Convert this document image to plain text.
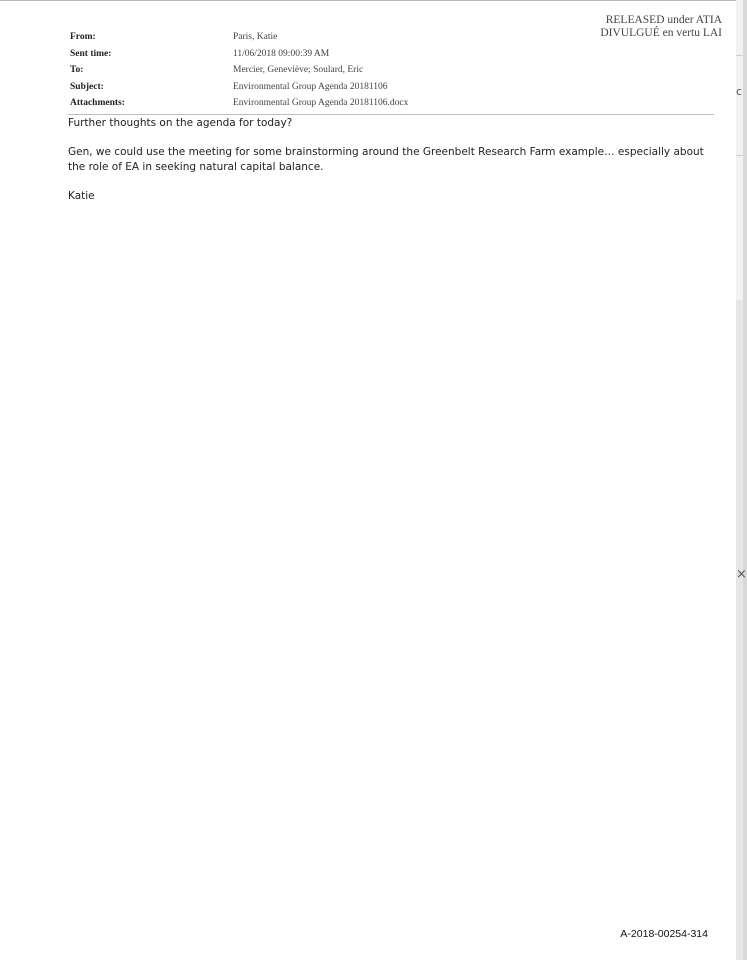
c
×
RELEASED under ATIA
DIVULGUÉ en vertu LAI
From:	Paris, Katie
Sent time:	11/06/2018 09:00:39 AM
To:	Mercier, Geneviève; Soulard, Eric
Subject:	Environmental Group Agenda 20181106
Attachments:	Environmental Group Agenda 20181106.docx

Further thoughts on the agenda for today?

Gen, we could use the meeting for some brainstorming around the Greenbelt Research Farm example… especially about the role of EA in seeking natural capital balance.

Katie

A-2018-00254-314
